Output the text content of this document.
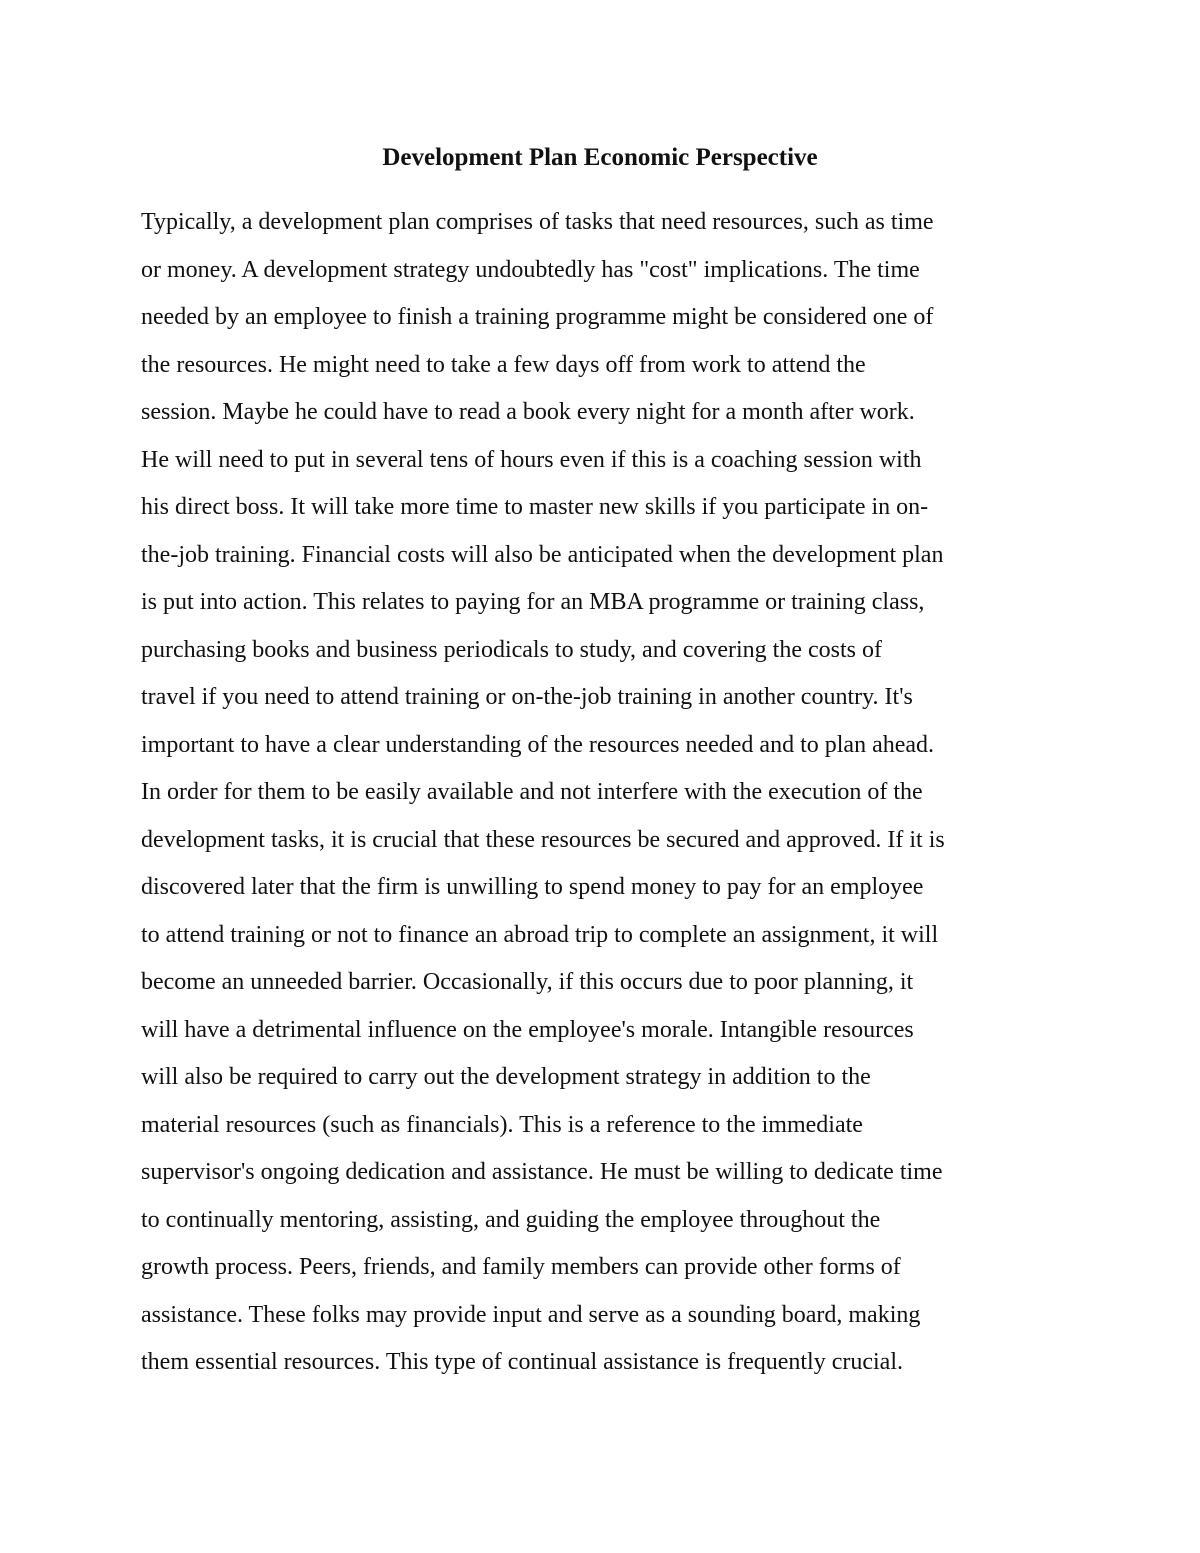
Development Plan Economic Perspective
Typically, a development plan comprises of tasks that need resources, such as time
or money. A development strategy undoubtedly has "cost" implications. The time
needed by an employee to finish a training programme might be considered one of
the resources. He might need to take a few days off from work to attend the
session. Maybe he could have to read a book every night for a month after work.
He will need to put in several tens of hours even if this is a coaching session with
his direct boss. It will take more time to master new skills if you participate in on-
the-job training. Financial costs will also be anticipated when the development plan
is put into action. This relates to paying for an MBA programme or training class,
purchasing books and business periodicals to study, and covering the costs of
travel if you need to attend training or on-the-job training in another country. It's
important to have a clear understanding of the resources needed and to plan ahead.
In order for them to be easily available and not interfere with the execution of the
development tasks, it is crucial that these resources be secured and approved. If it is
discovered later that the firm is unwilling to spend money to pay for an employee
to attend training or not to finance an abroad trip to complete an assignment, it will
become an unneeded barrier. Occasionally, if this occurs due to poor planning, it
will have a detrimental influence on the employee's morale. Intangible resources
will also be required to carry out the development strategy in addition to the
material resources (such as financials). This is a reference to the immediate
supervisor's ongoing dedication and assistance. He must be willing to dedicate time
to continually mentoring, assisting, and guiding the employee throughout the
growth process. Peers, friends, and family members can provide other forms of
assistance. These folks may provide input and serve as a sounding board, making
them essential resources. This type of continual assistance is frequently crucial.
